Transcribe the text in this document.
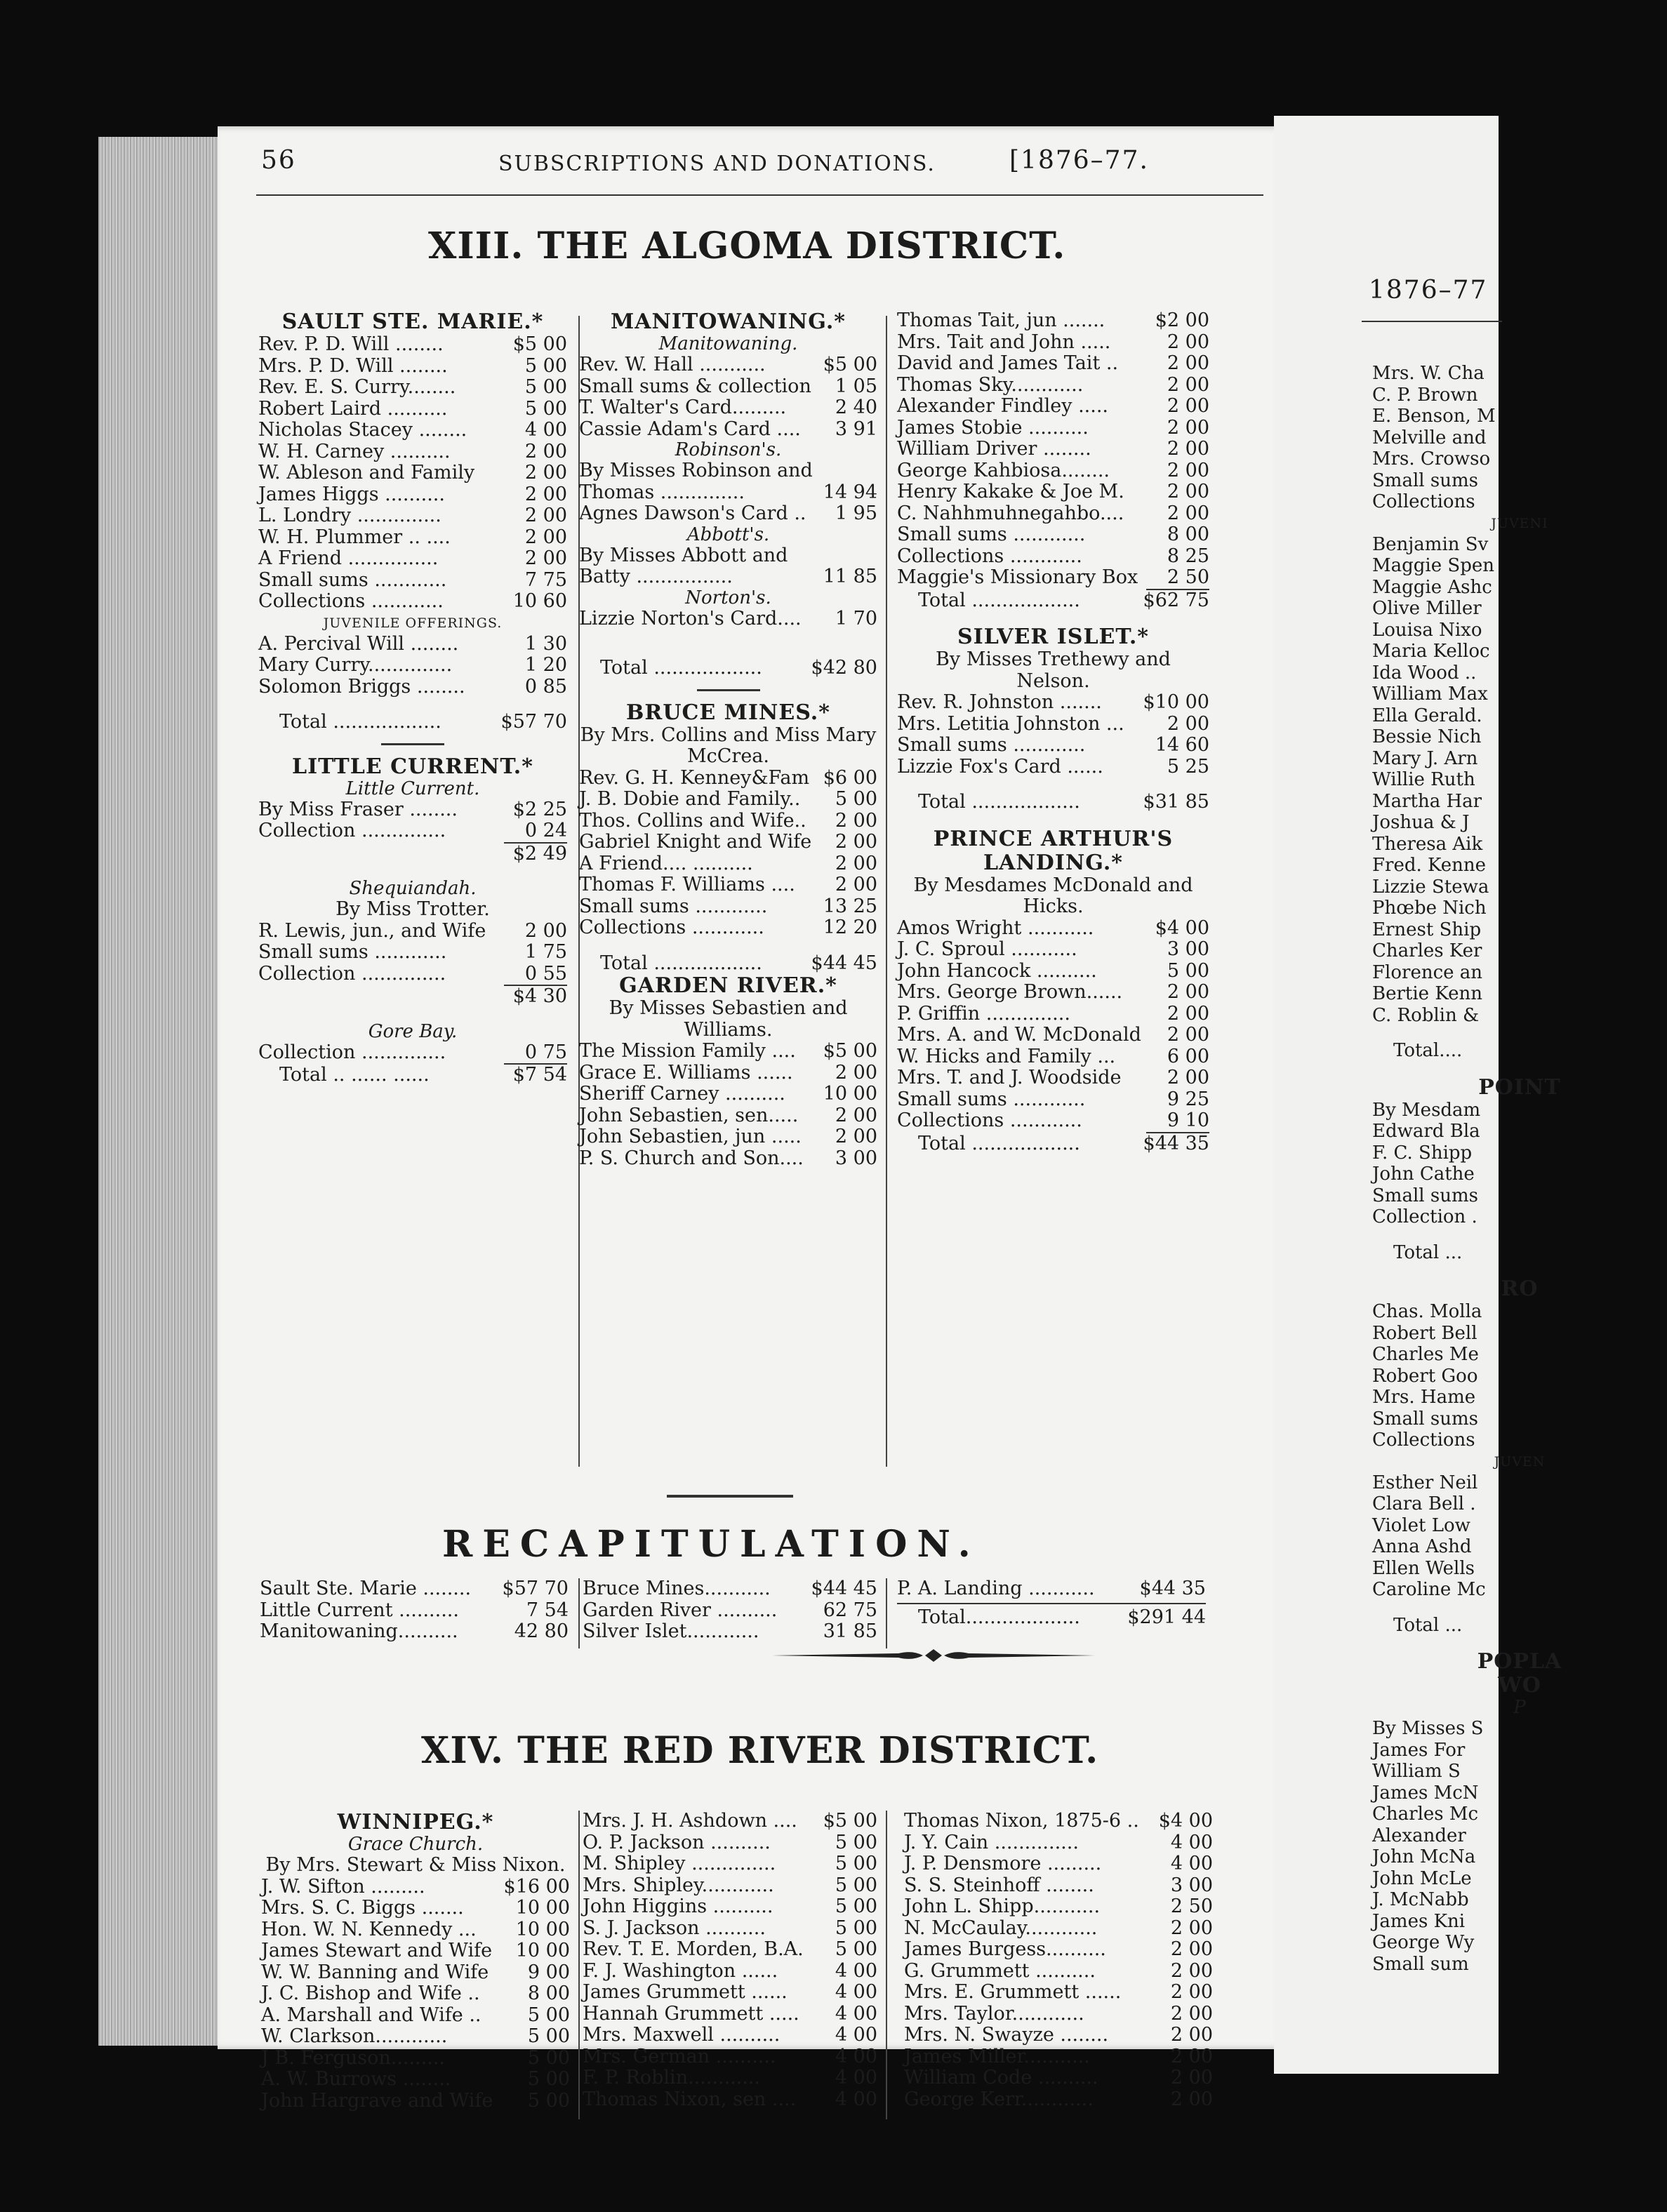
56	SUBSCRIPTIONS AND DONATIONS.	[1876–77.
XIII. THE ALGOMA DISTRICT.
SAULT STE. MARIE.*
Rev. P. D. Will ........	$5 00
Mrs. P. D. Will ........	5 00
Rev. E. S. Curry........	5 00
Robert Laird ..........	5 00
Nicholas Stacey ........	4 00
W. H. Carney ..........	2 00
W. Ableson and Family	2 00
James Higgs ..........	2 00
L. Londry ..............	2 00
W. H. Plummer .. ....	2 00
A Friend ...............	2 00
Small sums ............	7 75
Collections ............	10 60
JUVENILE OFFERINGS.
A. Percival Will ........	1 30
Mary Curry..............	1 20
Solomon Briggs ........	0 85
Total ..................	$57 70
LITTLE CURRENT.*
Little Current.
By Miss Fraser ........	$2 25
Collection ..............	0 24
$2 49
Shequiandah.
By Miss Trotter.
R. Lewis, jun., and Wife	2 00
Small sums ............	1 75
Collection ..............	0 55
$4 30
Gore Bay.
Collection ..............	0 75
Total .. ...... ......	$7 54
MANITOWANING.*
Manitowaning.
Rev. W. Hall ...........	$5 00
Small sums & collection	1 05
T. Walter's Card.........	2 40
Cassie Adam's Card ....	3 91
Robinson's.
By Misses Robinson and
Thomas ..............	14 94
Agnes Dawson's Card ..	1 95
Abbott's.
By Misses Abbott and
Batty ................	11 85
Norton's.
Lizzie Norton's Card....	1 70
Total ..................	$42 80
BRUCE MINES.*
By Mrs. Collins and Miss Mary
McCrea.
Rev. G. H. Kenney&Fam $6 00
J. B. Dobie and Family..	5 00
Thos. Collins and Wife..	2 00
Gabriel Knight and Wife	2 00
A Friend.... ..........	2 00
Thomas F. Williams ....	2 00
Small sums ............	13 25
Collections ............	12 20
Total ..................	$44 45
GARDEN RIVER.*
By Misses Sebastien and
Williams.
The Mission Family ....	$5 00
Grace E. Williams ......	2 00
Sheriff Carney ..........	10 00
John Sebastien, sen.....	2 00
John Sebastien, jun .....	2 00
P. S. Church and Son....	3 00
Thomas Tait, jun .......	$2 00
Mrs. Tait and John .....	2 00
David and James Tait ..	2 00
Thomas Sky............	2 00
Alexander Findley .....	2 00
James Stobie ..........	2 00
William Driver ........	2 00
George Kahbiosa........	2 00
Henry Kakake & Joe M.	2 00
C. Nahhmuhnegahbo....	2 00
Small sums ............	8 00
Collections ............	8 25
Maggie's Missionary Box	2 50
Total ..................	$62 75
SILVER ISLET.*
By Misses Trethewy and Nelson.
Rev. R. Johnston .......	$10 00
Mrs. Letitia Johnston ...	2 00
Small sums ............	14 60
Lizzie Fox's Card ......	5 25
Total ..................	$31 85
PRINCE ARTHUR'S
LANDING.*
By Mesdames McDonald and
Hicks.
Amos Wright ...........	$4 00
J. C. Sproul ...........	3 00
John Hancock ..........	5 00
Mrs. George Brown......	2 00
P. Griffin ..............	2 00
Mrs. A. and W. McDonald	2 00
W. Hicks and Family ...	6 00
Mrs. T. and J. Woodside	2 00
Small sums ............	9 25
Collections ............	9 10
Total ..................	$44 35
RECAPITULATION.
Sault Ste. Marie ........	$57 70
Little Current ..........	7 54
Manitowaning..........	42 80
Bruce Mines...........	$44 45
Garden River ..........	62 75
Silver Islet............	31 85
P. A. Landing ...........	$44 35
Total...................	$291 44
XIV. THE RED RIVER DISTRICT.
WINNIPEG.*
Grace Church.
By Mrs. Stewart & Miss Nixon.
J. W. Sifton .........	$16 00
Mrs. S. C. Biggs .......	10 00
Hon. W. N. Kennedy ...	10 00
James Stewart and Wife	10 00
W. W. Banning and Wife	9 00
J. C. Bishop and Wife ..	8 00
A. Marshall and Wife ..	5 00
W. Clarkson............	5 00
J B. Ferguson.........	5 00
A. W. Burrows ........	5 00
John Hargrave and Wife	5 00
Mrs. J. H. Ashdown ....	$5 00
O. P. Jackson ..........	5 00
M. Shipley ..............	5 00
Mrs. Shipley............	5 00
John Higgins ..........	5 00
S. J. Jackson ..........	5 00
Rev. T. E. Morden, B.A.	5 00
F. J. Washington ......	4 00
James Grummett ......	4 00
Hannah Grummett .....	4 00
Mrs. Maxwell ..........	4 00
Mrs. German ..........	4 00
F. P. Roblin............	4 00
Thomas Nixon, sen ....	4 00
Thomas Nixon, 1875-6 ..	$4 00
J. Y. Cain ..............	4 00
J. P. Densmore .........	4 00
S. S. Steinhoff ........	3 00
John L. Shipp...........	2 50
N. McCaulay............	2 00
James Burgess..........	2 00
G. Grummett ..........	2 00
Mrs. E. Grummett ......	2 00
Mrs. Taylor............	2 00
Mrs. N. Swayze ........	2 00
James Miller...........	2 00
William Code ..........	2 00
George Kerr............	2 00
1876–77
Mrs. W. Cha
C. P. Brown
E. Benson, M
Melville and
Mrs. Crowso
Small sums
Collections
JUVENI
Benjamin Sv
Maggie Spen
Maggie Ashc
Olive Miller
Louisa Nixo
Maria Kelloc
Ida Wood ..
William Max
Ella Gerald.
Bessie Nich
Mary J. Arn
Willie Ruth
Martha Har
Joshua & J
Theresa Aik
Fred. Kenne
Lizzie Stewa
Phœbe Nich
Ernest Ship
Charles Ker
Florence an
Bertie Kenn
C. Roblin &
Total....
POINT
By Mesdam
Edward Bla
F. C. Shipp
John Cathe
Small sums
Collection .
Total ...
RO
Chas. Molla
Robert Bell
Charles Me
Robert Goo
Mrs. Hame
Small sums
Collections
JUVEN
Esther Neil
Clara Bell .
Violet Low
Anna Ashd
Ellen Wells
Caroline Mc
Total ...
POPLA
WO
P
By Misses S
James For
William S
James McN
Charles Mc
Alexander
John McNa
John McLe
J. McNabb
James Kni
George Wy
Small sum
